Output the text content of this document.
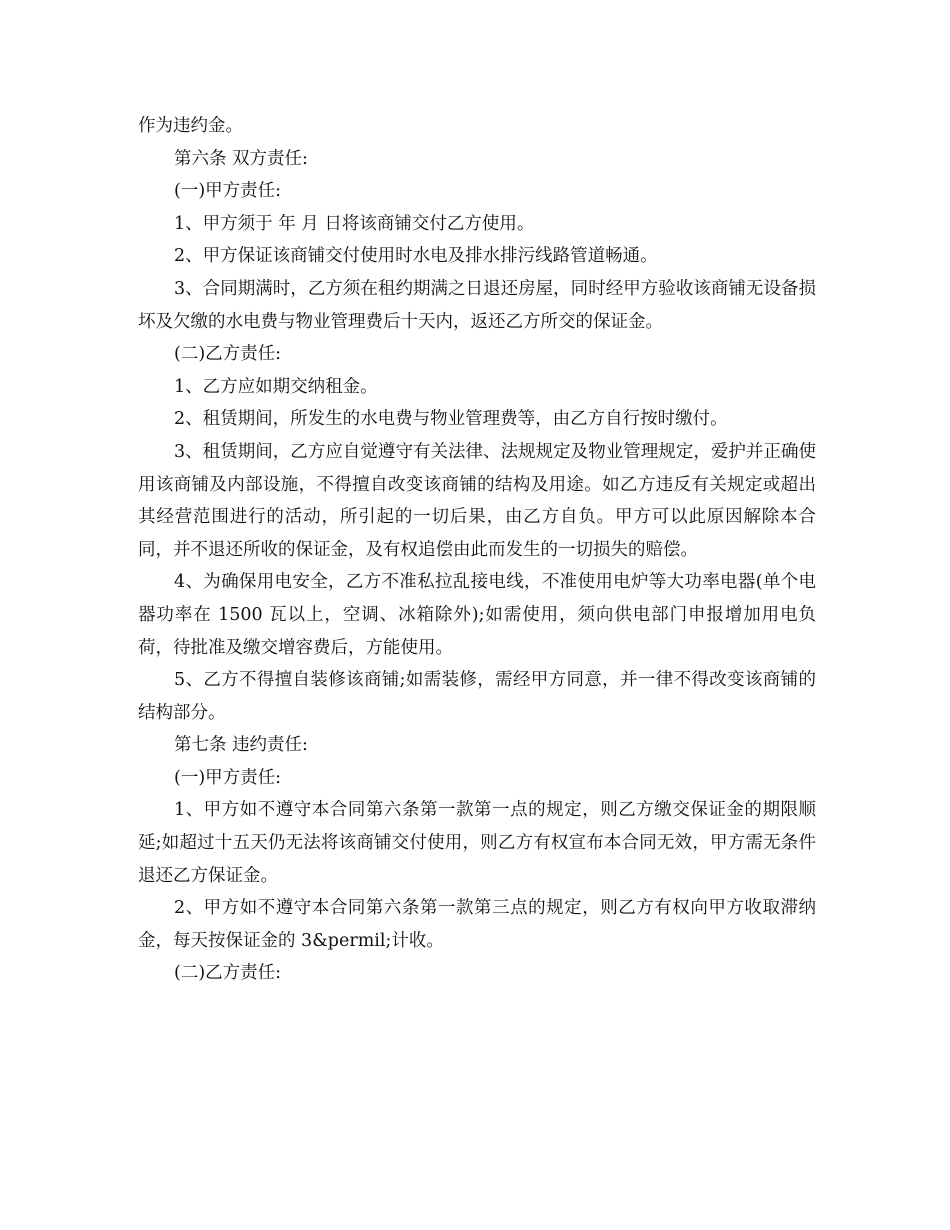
作为违约金。

第六条 双方责任:

(一)甲方责任:

1、甲方须于 年 月 日将该商铺交付乙方使用。

2、甲方保证该商铺交付使用时水电及排水排污线路管道畅通。

3、合同期满时，乙方须在租约期满之日退还房屋，同时经甲方验收该商铺无设备损坏及欠缴的水电费与物业管理费后十天内，返还乙方所交的保证金。

(二)乙方责任:

1、乙方应如期交纳租金。

2、租赁期间，所发生的水电费与物业管理费等，由乙方自行按时缴付。

3、租赁期间，乙方应自觉遵守有关法律、法规规定及物业管理规定，爱护并正确使用该商铺及内部设施，不得擅自改变该商铺的结构及用途。如乙方违反有关规定或超出其经营范围进行的活动，所引起的一切后果，由乙方自负。甲方可以此原因解除本合同，并不退还所收的保证金，及有权追偿由此而发生的一切损失的赔偿。

4、为确保用电安全，乙方不准私拉乱接电线，不准使用电炉等大功率电器(单个电器功率在 1500 瓦以上，空调、冰箱除外);如需使用，须向供电部门申报增加用电负荷，待批准及缴交增容费后，方能使用。

5、乙方不得擅自装修该商铺;如需装修，需经甲方同意，并一律不得改变该商铺的结构部分。

第七条 违约责任:

(一)甲方责任:

1、甲方如不遵守本合同第六条第一款第一点的规定，则乙方缴交保证金的期限顺延;如超过十五天仍无法将该商铺交付使用，则乙方有权宣布本合同无效，甲方需无条件退还乙方保证金。

2、甲方如不遵守本合同第六条第一款第三点的规定，则乙方有权向甲方收取滞纳金，每天按保证金的 3&permil;计收。

(二)乙方责任:
